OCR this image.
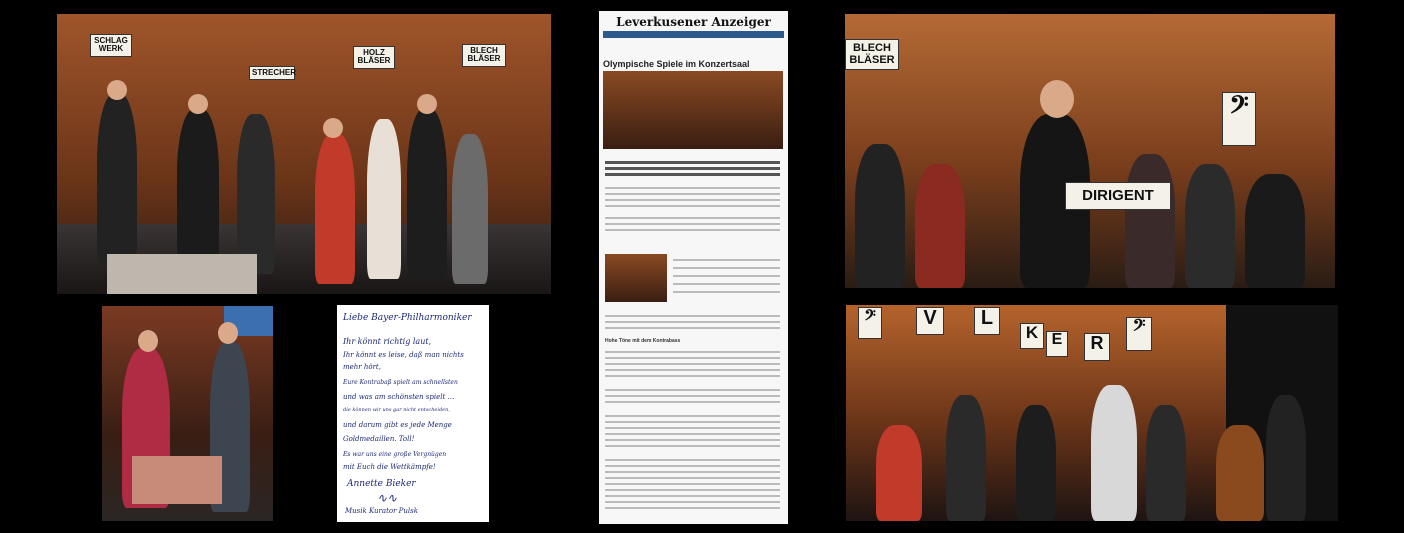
SCHLAG WERK	HOLZ BLÄSER
BLECH BLÄSER
STRECHER
BLECH BLÄSER
DIRIGENT
𝄢
Liebe Bayer-Philharmoniker
Ihr könnt richtig laut,
Ihr könnt es leise, daß man nichts
mehr hört,
Eure Kontrabaß spielt am schnellsten
und was am schönsten spielt ...
die können wir uns gar nicht entscheiden,
und darum gibt es jede Menge
Goldmedaillen. Toll!
Es war uns eine große Vergnügen
mit Euch die Wettkämpfe!
Annette Bieker
∿∿
Musik Kurator Pulsk
Leverkusener Anzeiger
Olympische Spiele im Konzertsaal
Hohe Töne mit dem Kontrabass
V	L
K E	R
𝄢
𝄢
